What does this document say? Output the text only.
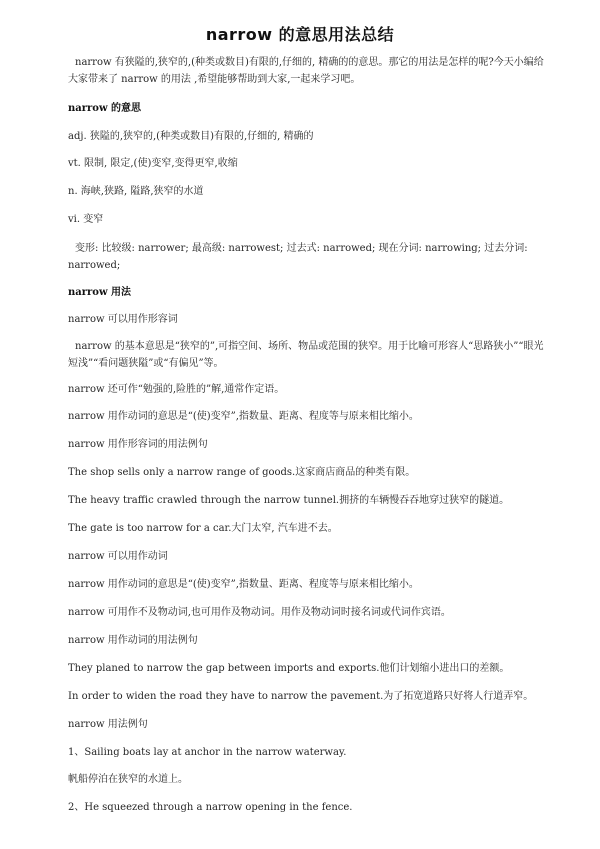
narrow 的意思用法总结
narrow 有狭隘的,狭窄的,(种类或数目)有限的,仔细的, 精确的的意思。那它的用法是怎样的呢?今天小编给大家带来了 narrow 的用法 ,希望能够帮助到大家,一起来学习吧。
narrow 的意思
adj. 狭隘的,狭窄的,(种类或数目)有限的,仔细的, 精确的
vt. 限制, 限定,(使)变窄,变得更窄,收缩
n. 海峡,狭路, 隘路,狭窄的水道
vi. 变窄
变形: 比较级: narrower; 最高级: narrowest; 过去式: narrowed; 现在分词: narrowing; 过去分词: narrowed;
narrow 用法
narrow 可以用作形容词
narrow 的基本意思是“狭窄的”,可指空间、场所、物品或范围的狭窄。用于比喻可形容人“思路狭小”“眼光短浅”“看问题狭隘”或“有偏见”等。
narrow 还可作“勉强的,险胜的”解,通常作定语。
narrow 用作动词的意思是“(使)变窄”,指数量、距离、程度等与原来相比缩小。
narrow 用作形容词的用法例句
The shop sells only a narrow range of goods.这家商店商品的种类有限。
The heavy traffic crawled through the narrow tunnel.拥挤的车辆慢吞吞地穿过狭窄的隧道。
The gate is too narrow for a car.大门太窄, 汽车进不去。
narrow 可以用作动词
narrow 用作动词的意思是“(使)变窄”,指数量、距离、程度等与原来相比缩小。
narrow 可用作不及物动词,也可用作及物动词。用作及物动词时接名词或代词作宾语。
narrow 用作动词的用法例句
They planed to narrow the gap between imports and exports.他们计划缩小进出口的差额。
In order to widen the road they have to narrow the pavement.为了拓宽道路只好将人行道弄窄。
narrow 用法例句
1、Sailing boats lay at anchor in the narrow waterway.
帆船停泊在狭窄的水道上。
2、He squeezed through a narrow opening in the fence.
